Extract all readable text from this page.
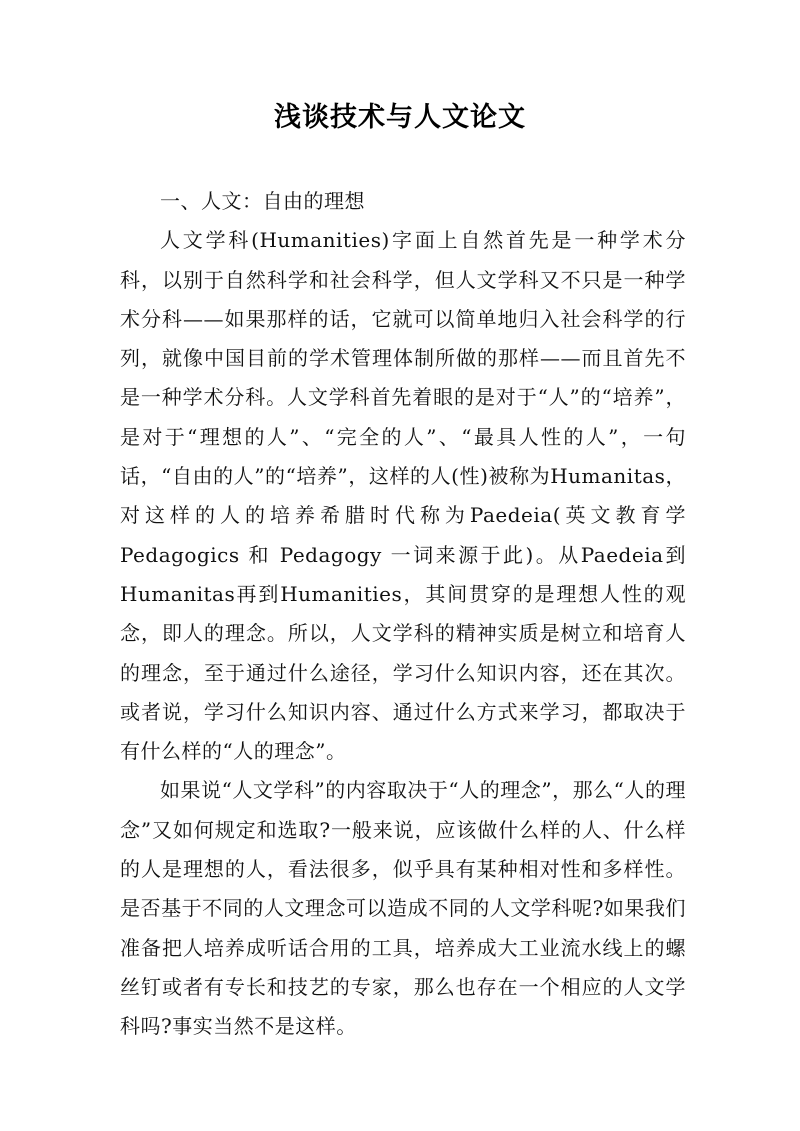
浅谈技术与人文论文

一、人文：自由的理想

人文学科(Humanities)字面上自然首先是一种学术分科，以别于自然科学和社会科学，但人文学科又不只是一种学术分科——如果那样的话，它就可以简单地归入社会科学的行列，就像中国目前的学术管理体制所做的那样——而且首先不是一种学术分科。人文学科首先着眼的是对于“人”的“培养”，是对于“理想的人”、“完全的人”、“最具人性的人”，一句话，“自由的人”的“培养”，这样的人(性)被称为Humanitas，对这样的人的培养希腊时代称为Paedeia(英文教育学 Pedagogics 和 Pedagogy 一词来源于此)。从Paedeia到Humanitas再到Humanities，其间贯穿的是理想人性的观念，即人的理念。所以，人文学科的精神实质是树立和培育人的理念，至于通过什么途径，学习什么知识内容，还在其次。或者说，学习什么知识内容、通过什么方式来学习，都取决于有什么样的“人的理念”。

如果说“人文学科”的内容取决于“人的理念”，那么“人的理念”又如何规定和选取?一般来说，应该做什么样的人、什么样的人是理想的人，看法很多，似乎具有某种相对性和多样性。是否基于不同的人文理念可以造成不同的人文学科呢?如果我们准备把人培养成听话合用的工具，培养成大工业流水线上的螺丝钉或者有专长和技艺的专家，那么也存在一个相应的人文学科吗?事实当然不是这样。
